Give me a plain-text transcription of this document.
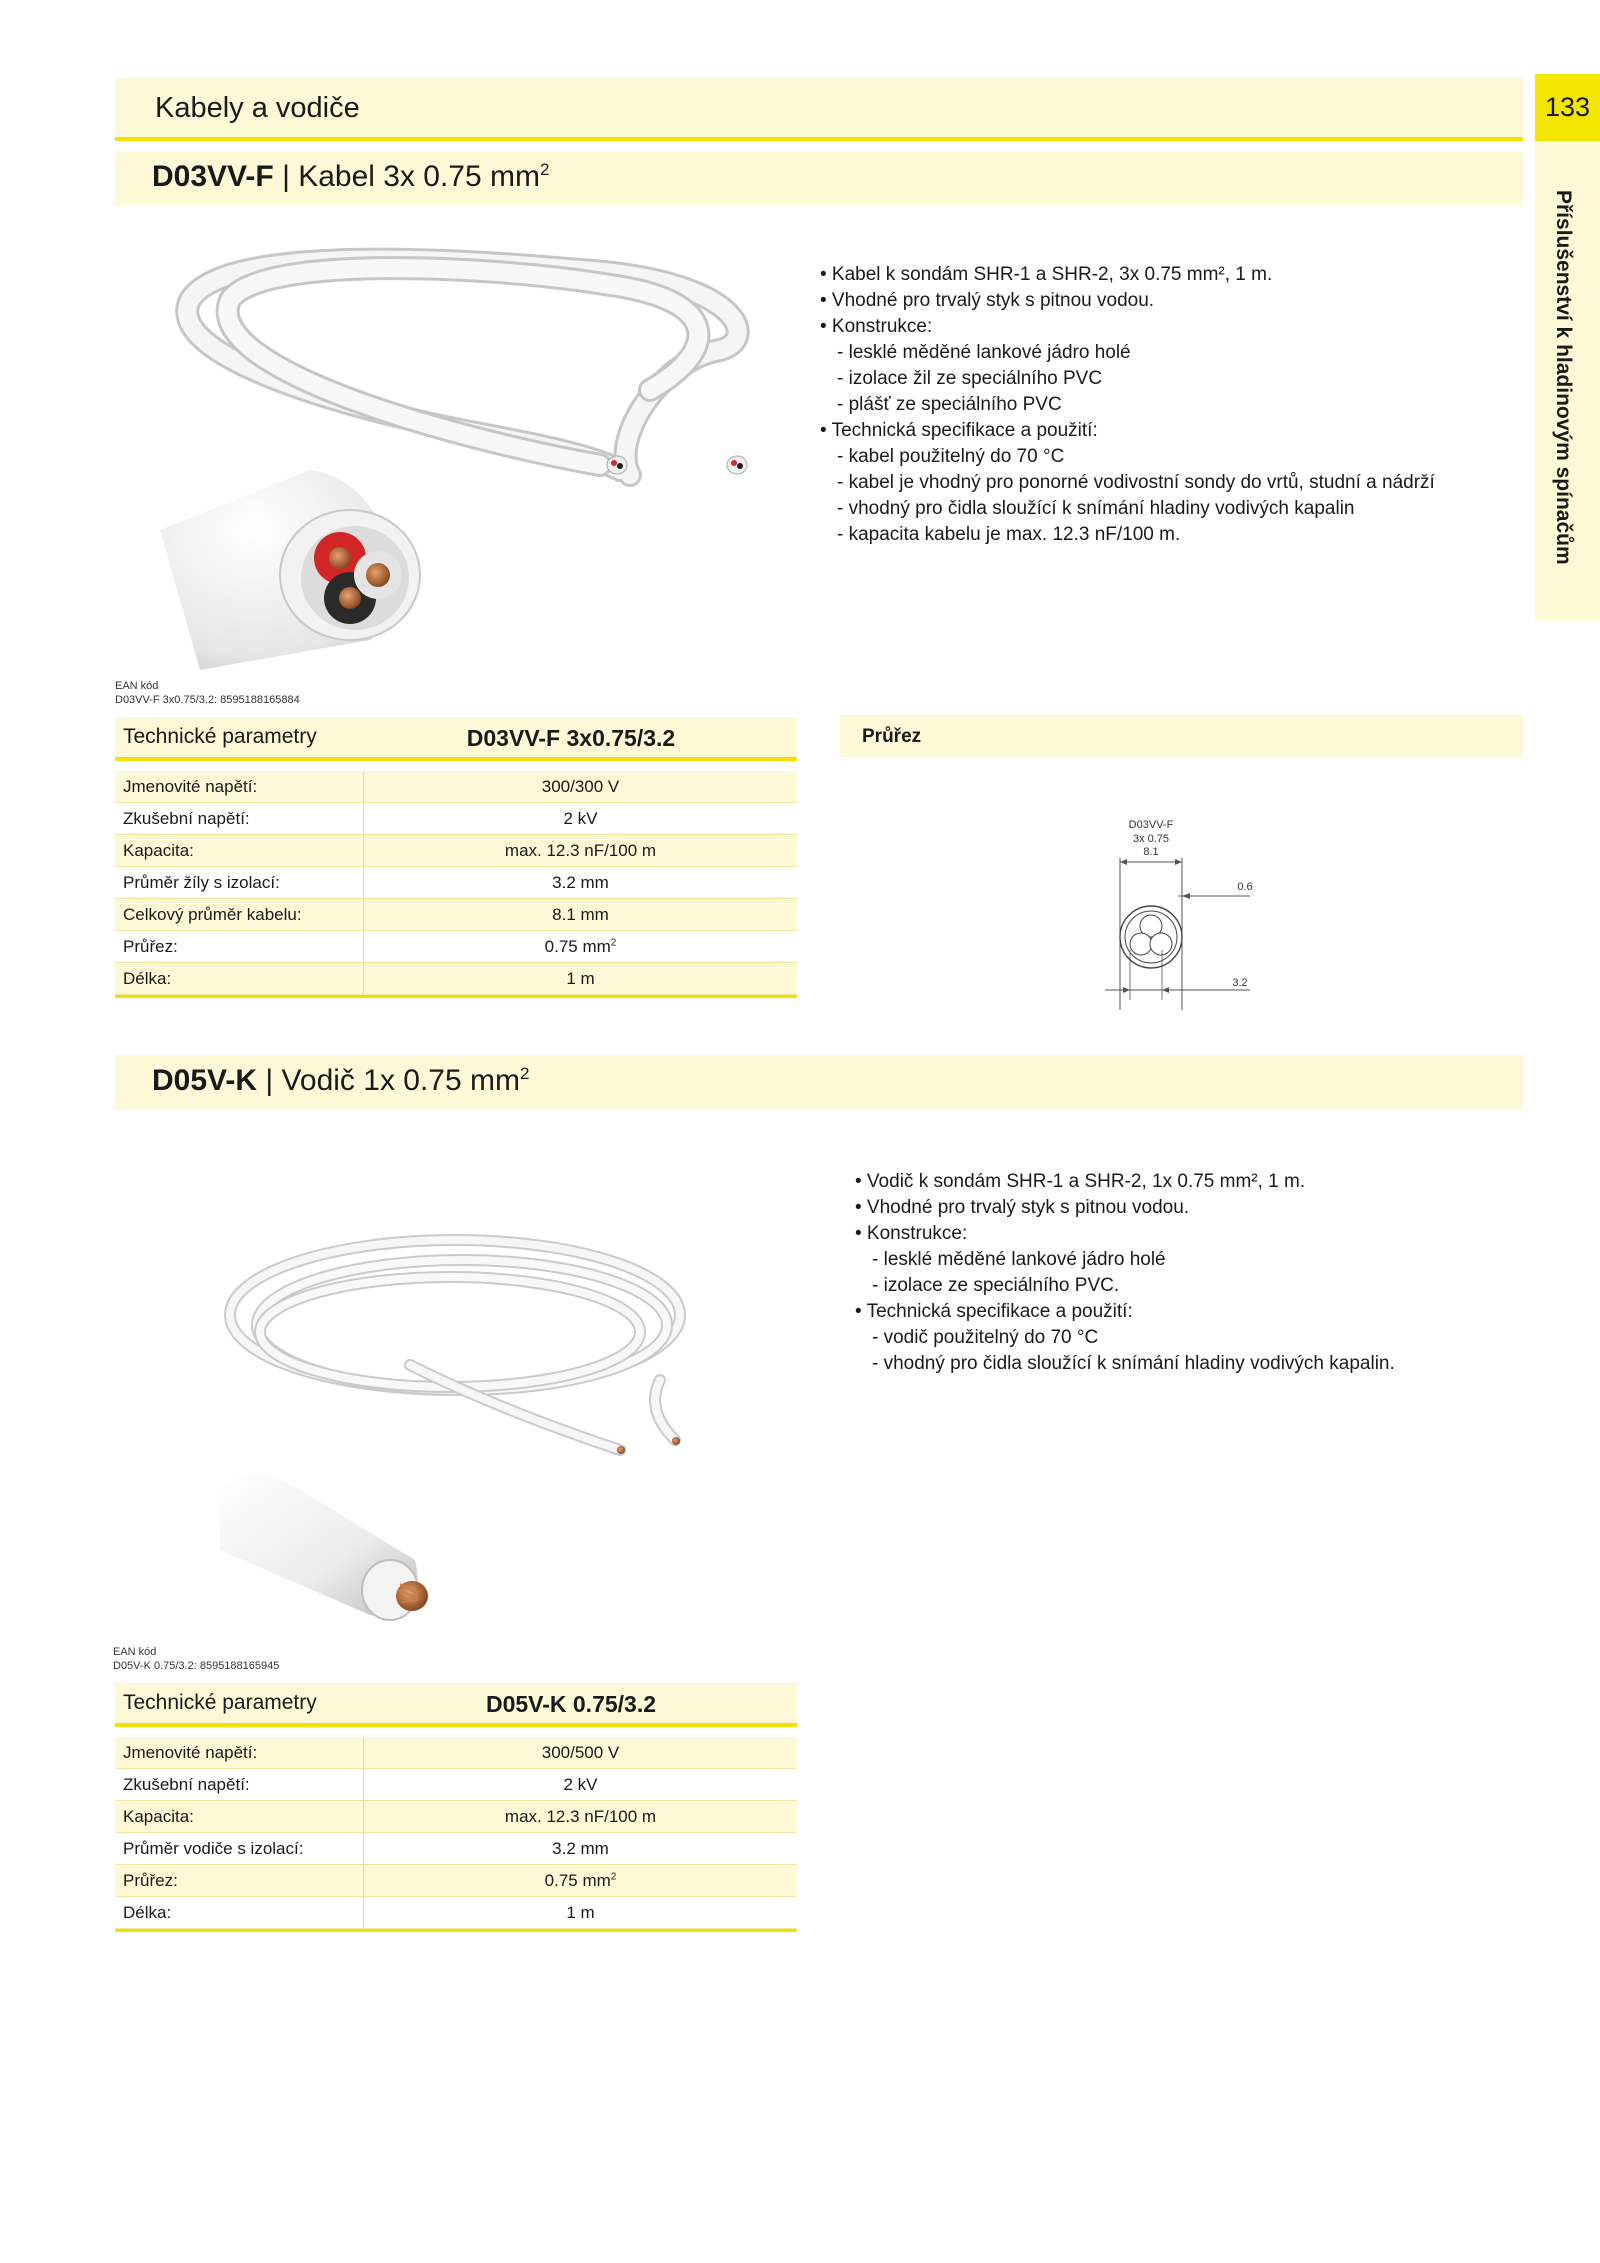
Kabely a vodiče	133
Příslušenství k hladinovým spínačům
D03VV-F | Kabel 3x 0.75 $mm^2$
• Kabel k sondám SHR-1 a SHR-2, 3x 0.75 mm², 1 m.
• Vhodné pro trvalý styk s pitnou vodou.
• Konstrukce:
- lesklé měděné lankové jádro holé
- izolace žil ze speciálního PVC
- plášť ze speciálního PVC
• Technická specifikace a použití:
- kabel použitelný do 70 °C
- kabel je vhodný pro ponorné vodivostní sondy do vrtů, studní a nádrží
- vhodný pro čidla sloužící k snímání hladiny vodivých kapalin
- kapacita kabelu je max. 12.3 nF/100 m.
EAN kód
D03VV-F 3x0.75/3.2: 8595188165884
Technické parametry	D03VV-F 3x0.75/3.2
Jmenovité napětí:	300/300 V
Zkušební napětí:	2 kV
Kapacita:	max. 12.3 nF/100 m
Průměr žíly s izolací:	3.2 mm
Celkový průměr kabelu:	8.1 mm
Průřez:	0.75 $mm^2$
Délka:	1 m
Průřez
D03VV-F
3x 0.75
8.1
0.6
3.2
D05V-K | Vodič 1x 0.75 $mm^2$
• Vodič k sondám SHR-1 a SHR-2, 1x 0.75 mm², 1 m.
• Vhodné pro trvalý styk s pitnou vodou.
• Konstrukce:
- lesklé měděné lankové jádro holé
- izolace ze speciálního PVC.
• Technická specifikace a použití:
- vodič použitelný do 70 °C
- vhodný pro čidla sloužící k snímání hladiny vodivých kapalin.
EAN kód
D05V-K 0.75/3.2: 8595188165945
Technické parametry	D05V-K 0.75/3.2
Jmenovité napětí:	300/500 V
Zkušební napětí:	2 kV
Kapacita:	max. 12.3 nF/100 m
Průměr vodiče s izolací:	3.2 mm
Průřez:	0.75 $mm^2$
Délka:	1 m
